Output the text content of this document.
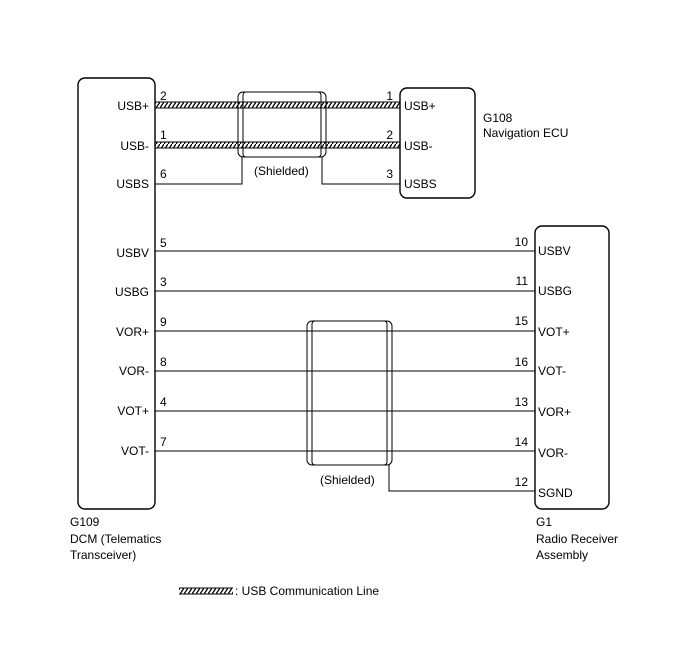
USB+
2	1
USB+
USB-
1	2
USB-
USBS
6	3
USBS
(Shielded)
G108
Navigation ECU
USBV
5	10
USBV
USBG
3	11
USBG
VOR+
9	15
VOT+
VOR-
8	16
VOT-
VOT+
4	13
VOR+
VOT-
7	14
VOR-
(Shielded)	12
SGND
G109
DCM (Telematics
Transceiver)
G1
Radio Receiver
Assembly
: USB Communication Line
